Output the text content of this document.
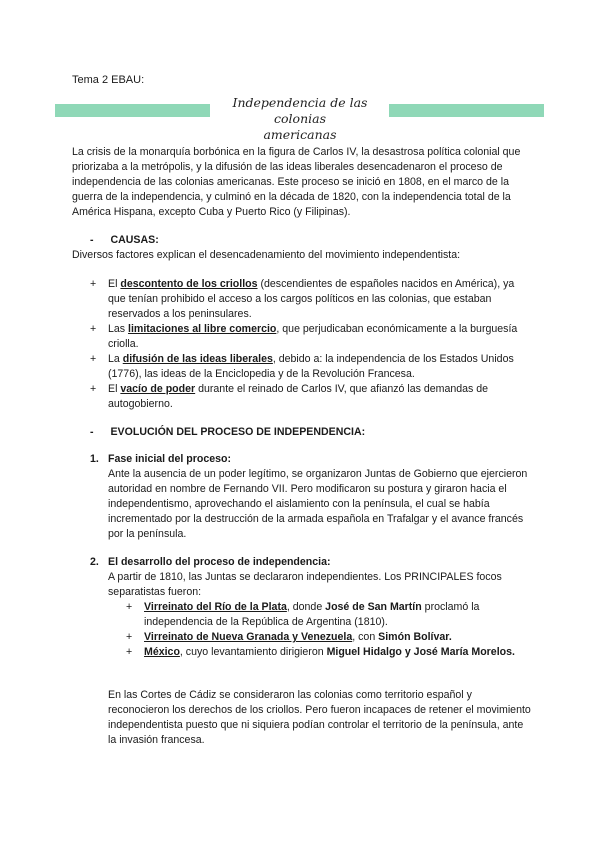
Tema 2 EBAU:
Independencia de las colonias
americanas

La crisis de la monarquía borbónica en la figura de Carlos IV, la desastrosa política colonial que priorizaba a la metrópolis, y la difusión de las ideas liberales desencadenaron el proceso de independencia de las colonias americanas. Este proceso se inició en 1808, en el marco de la guerra de la independencia, y culminó en la década de 1820, con la independencia total de la América Hispana, excepto Cuba y Puerto Rico (y Filipinas).

- CAUSAS:

Diversos factores explican el desencadenamiento del movimiento independentista:

+ El descontento de los criollos (descendientes de españoles nacidos en América), ya que tenían prohibido el acceso a los cargos políticos en las colonias, que estaban reservados a los peninsulares.
+ Las limitaciones al libre comercio, que perjudicaban económicamente a la burguesía criolla.
+ La difusión de las ideas liberales, debido a: la independencia de los Estados Unidos (1776), las ideas de la Enciclopedia y de la Revolución Francesa.
+ El vacío de poder durante el reinado de Carlos IV, que afianzó las demandas de autogobierno.
- EVOLUCIÓN DEL PROCESO DE INDEPENDENCIA:
1. Fase inicial del proceso:

Ante la ausencia de un poder legítimo, se organizaron Juntas de Gobierno que ejercieron autoridad en nombre de Fernando VII. Pero modificaron su postura y giraron hacia el independentismo, aprovechando el aislamiento con la península, el cual se había incrementado por la destrucción de la armada española en Trafalgar y el avance francés por la península.

2. El desarrollo del proceso de independencia:

A partir de 1810, las Juntas se declararon independientes. Los PRINCIPALES focos separatistas fueron:

+ Virreinato del Río de la Plata, donde José de San Martín proclamó la independencia de la República de Argentina (1810).
+ Virreinato de Nueva Granada y Venezuela, con Simón Bolívar.
+ México, cuyo levantamiento dirigieron Miguel Hidalgo y José María Morelos.

En las Cortes de Cádiz se consideraron las colonias como territorio español y reconocieron los derechos de los criollos. Pero fueron incapaces de retener el movimiento independentista puesto que ni siquiera podían controlar el territorio de la península, ante la invasión francesa.
